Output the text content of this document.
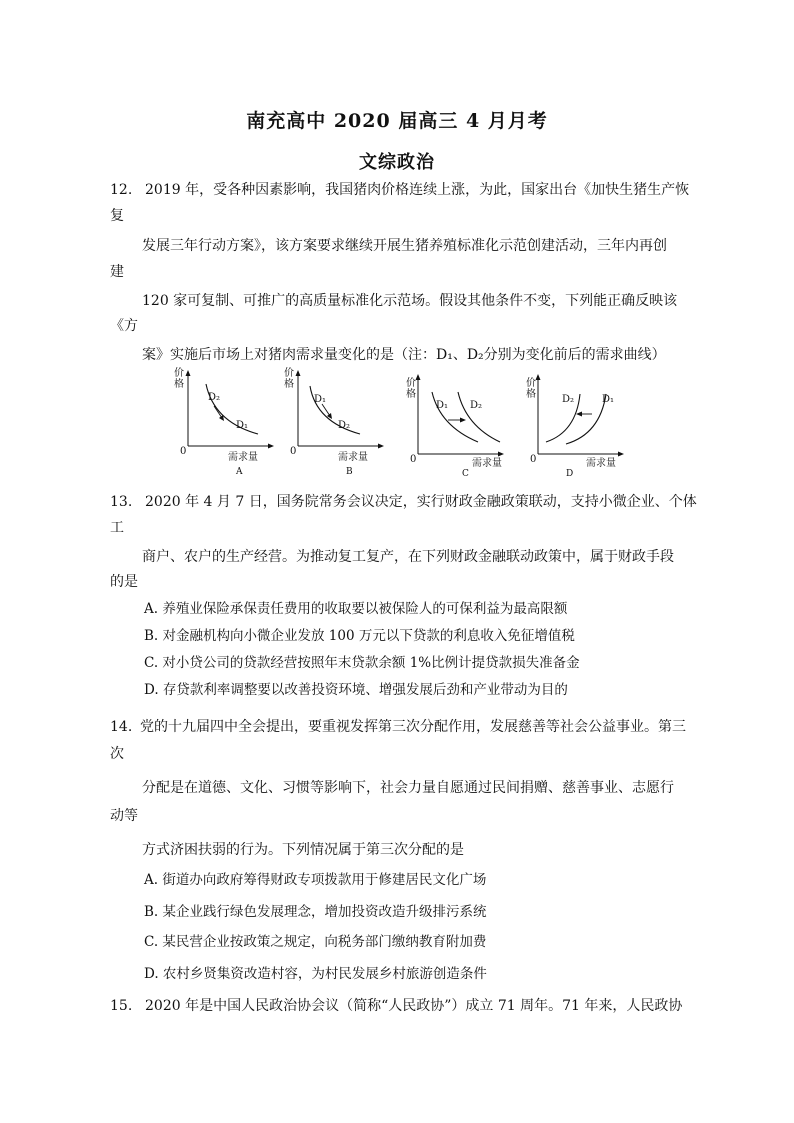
南充高中 2020 届高三 4 月月考
文综政治
12. 2019 年，受各种因素影响，我国猪肉价格连续上涨，为此，国家出台《加快生猪生产恢
复
发展三年行动方案》，该方案要求继续开展生猪养殖标准化示范创建活动，三年内再创
建
120 家可复制、可推广的高质量标准化示范场。假设其他条件不变，下列能正确反映该
《方
案》实施后市场上对猪肉需求量变化的是（注：D₁、D₂分别为变化前后的需求曲线）
价
格
0
D₂
D₁
需求量
A
价
格
0
D₁
D₂
需求量
B
价
格
0
D₁ D₂
需求量
C
价
格
0
D₂	D₁
需求量
D
13. 2020 年 4 月 7 日，国务院常务会议决定，实行财政金融政策联动，支持小微企业、个体
工
商户、农户的生产经营。为推动复工复产，在下列财政金融联动政策中，属于财政手段
的是
A. 养殖业保险承保责任费用的收取要以被保险人的可保利益为最高限额
B. 对金融机构向小微企业发放 100 万元以下贷款的利息收入免征增值税
C. 对小贷公司的贷款经营按照年末贷款余额 1%比例计提贷款损失准备金
D. 存贷款利率调整要以改善投资环境、增强发展后劲和产业带动为目的
14. 党的十九届四中全会提出，要重视发挥第三次分配作用，发展慈善等社会公益事业。第三
次
分配是在道德、文化、习惯等影响下，社会力量自愿通过民间捐赠、慈善事业、志愿行
动等
方式济困扶弱的行为。下列情况属于第三次分配的是
A. 街道办向政府筹得财政专项拨款用于修建居民文化广场
B. 某企业践行绿色发展理念，增加投资改造升级排污系统
C. 某民营企业按政策之规定，向税务部门缴纳教育附加费
D. 农村乡贤集资改造村容，为村民发展乡村旅游创造条件
15. 2020 年是中国人民政治协会议（简称“人民政协”）成立 71 周年。71 年来，人民政协
